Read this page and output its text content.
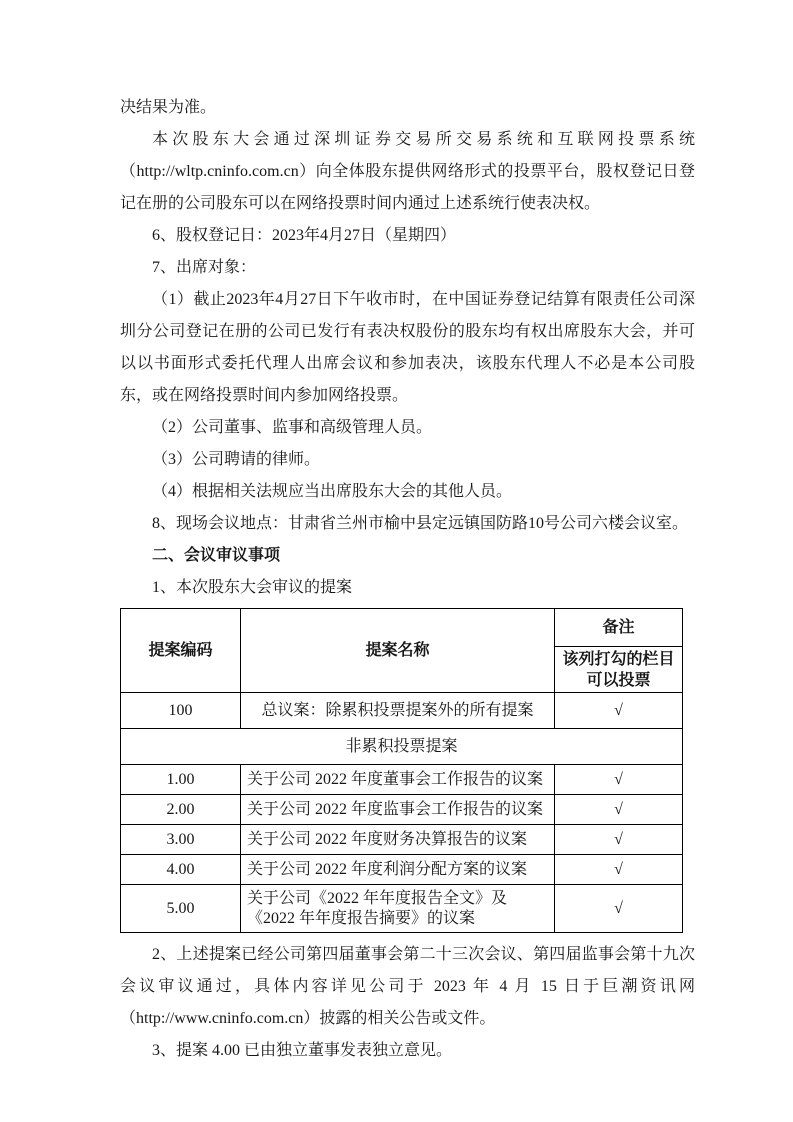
决结果为准。

本次股东大会通过深圳证券交易所交易系统和互联网投票系统（http://wltp.cninfo.com.cn）向全体股东提供网络形式的投票平台，股权登记日登记在册的公司股东可以在网络投票时间内通过上述系统行使表决权。

6、股权登记日：2023年4月27日（星期四）

7、出席对象：

（1）截止2023年4月27日下午收市时，在中国证券登记结算有限责任公司深圳分公司登记在册的公司已发行有表决权股份的股东均有权出席股东大会，并可以以书面形式委托代理人出席会议和参加表决，该股东代理人不必是本公司股东，或在网络投票时间内参加网络投票。

（2）公司董事、监事和高级管理人员。

（3）公司聘请的律师。

（4）根据相关法规应当出席股东大会的其他人员。

8、现场会议地点：甘肃省兰州市榆中县定远镇国防路10号公司六楼会议室。

二、会议审议事项

1、本次股东大会审议的提案

提案编码	提案名称	备注
		该列打勾的栏目可以投票
100	总议案：除累积投票提案外的所有提案	√
非累积投票提案		
1.00	关于公司 2022 年度董事会工作报告的议案	√
2.00	关于公司 2022 年度监事会工作报告的议案	√
3.00	关于公司 2022 年度财务决算报告的议案	√
4.00	关于公司 2022 年度利润分配方案的议案	√
5.00	关于公司《2022 年年度报告全文》及《2022 年年度报告摘要》的议案	√

2、上述提案已经公司第四届董事会第二十三次会议、第四届监事会第十九次会议审议通过，具体内容详见公司于 2023 年 4 月 15 日于巨潮资讯网（http://www.cninfo.com.cn）披露的相关公告或文件。

3、提案 4.00 已由独立董事发表独立意见。
